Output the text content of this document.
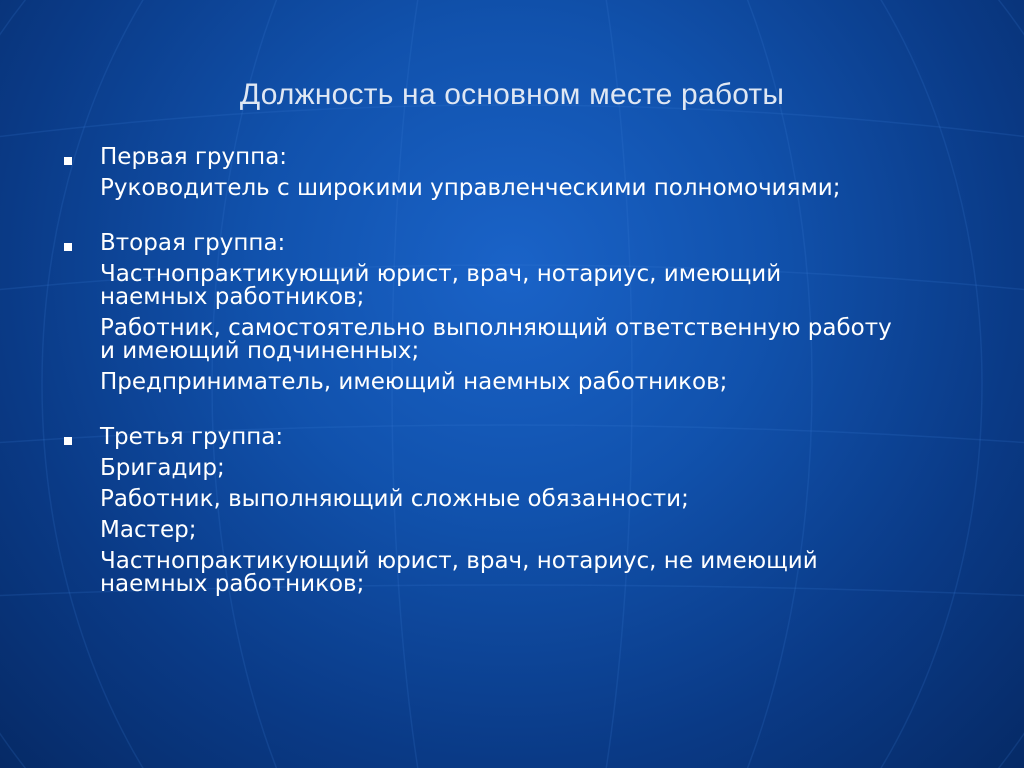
Должность на основном месте работы
Первая группа:
Руководитель с широкими управленческими полномочиями;
Вторая группа:
Частнопрактикующий юрист, врач, нотариус, имеющий
наемных работников;
Работник, самостоятельно выполняющий ответственную работу
и имеющий подчиненных;
Предприниматель, имеющий наемных работников;
Третья группа:
Бригадир;
Работник, выполняющий сложные обязанности;
Мастер;
Частнопрактикующий юрист, врач, нотариус, не имеющий
наемных работников;
